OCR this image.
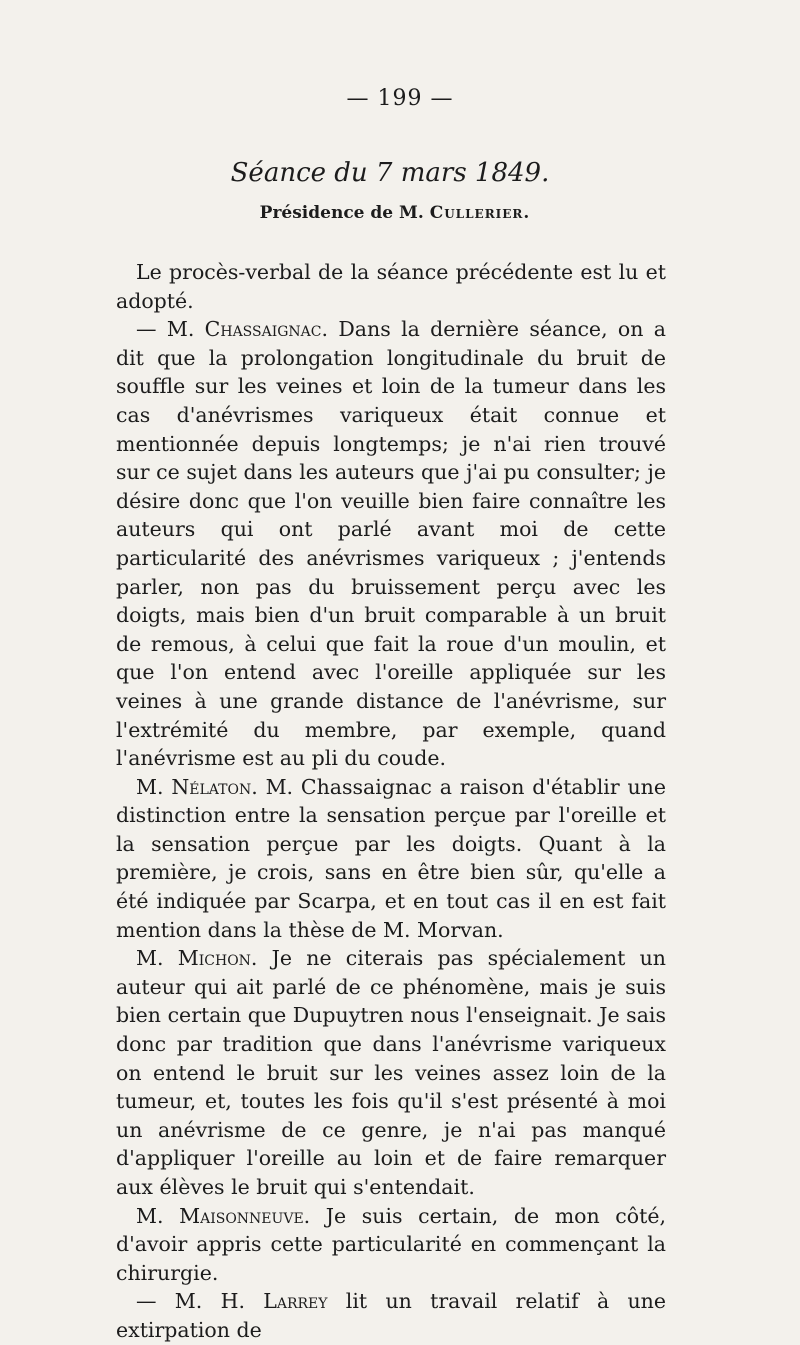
— 199 —
Séance du 7 mars 1849.
Présidence de M. Cullerier.

Le procès-verbal de la séance précédente est lu et adopté.

— M. Chassaignac. Dans la dernière séance, on a dit que la prolongation longitudinale du bruit de souffle sur les veines et loin de la tumeur dans les cas d'anévrismes variqueux était connue et mentionnée depuis longtemps; je n'ai rien trouvé sur ce sujet dans les auteurs que j'ai pu consulter; je désire donc que l'on veuille bien faire connaître les auteurs qui ont parlé avant moi de cette particularité des anévrismes variqueux ; j'entends parler, non pas du bruissement perçu avec les doigts, mais bien d'un bruit comparable à un bruit de remous, à celui que fait la roue d'un moulin, et que l'on entend avec l'oreille appliquée sur les veines à une grande distance de l'anévrisme, sur l'extrémité du membre, par exemple, quand l'anévrisme est au pli du coude.

M. Nélaton. M. Chassaignac a raison d'établir une distinction entre la sensation perçue par l'oreille et la sensation perçue par les doigts. Quant à la première, je crois, sans en être bien sûr, qu'elle a été indiquée par Scarpa, et en tout cas il en est fait mention dans la thèse de M. Morvan.

M. Michon. Je ne citerais pas spécialement un auteur qui ait parlé de ce phénomène, mais je suis bien certain que Dupuytren nous l'enseignait. Je sais donc par tradition que dans l'anévrisme variqueux on entend le bruit sur les veines assez loin de la tumeur, et, toutes les fois qu'il s'est présenté à moi un anévrisme de ce genre, je n'ai pas manqué d'appliquer l'oreille au loin et de faire remarquer aux élèves le bruit qui s'entendait.

M. Maisonneuve. Je suis certain, de mon côté, d'avoir appris cette particularité en commençant la chirurgie.

— M. H. Larrey lit un travail relatif à une extirpation de
